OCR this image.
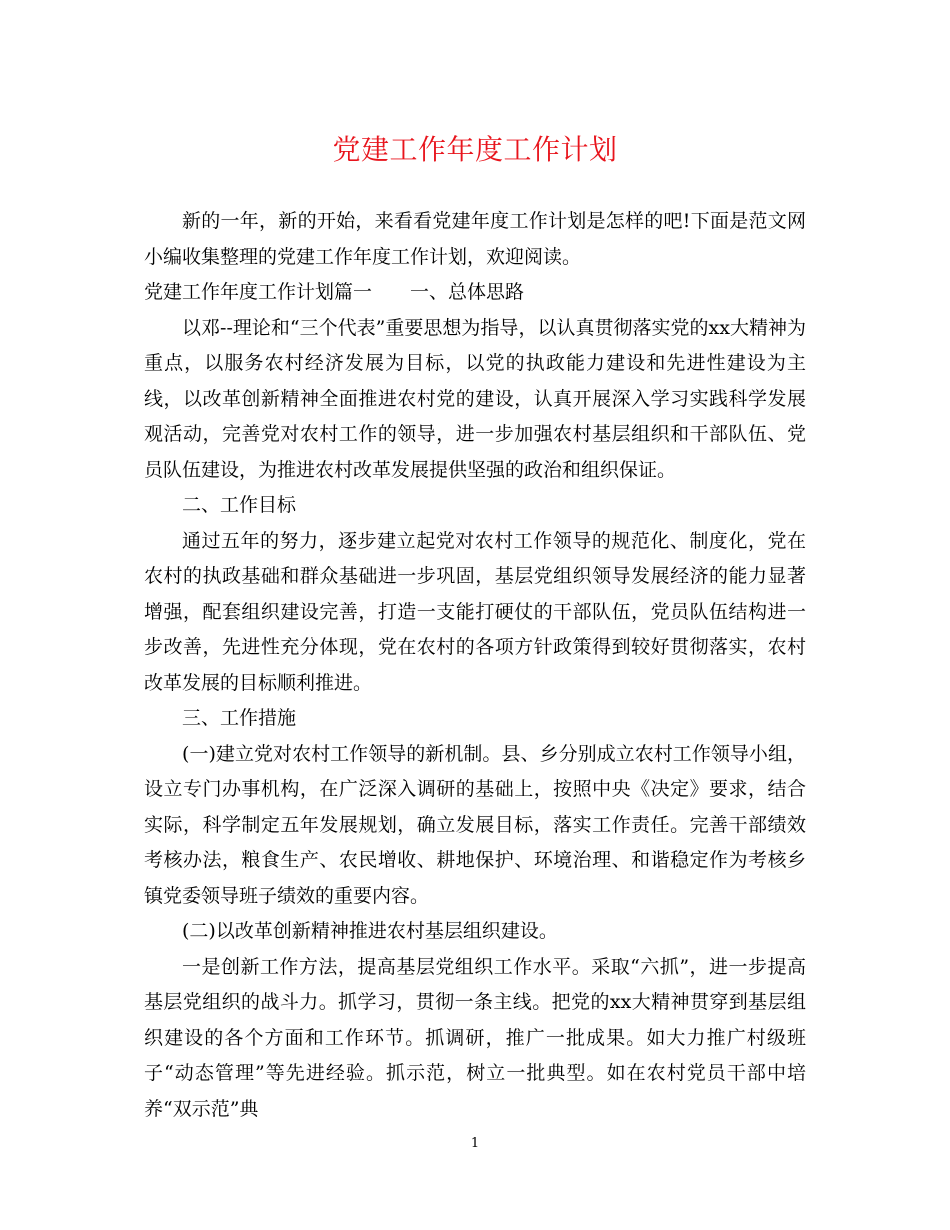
党建工作年度工作计划

新的一年，新的开始，来看看党建年度工作计划是怎样的吧!下面是范文网小编收集整理的党建工作年度工作计划，欢迎阅读。

党建工作年度工作计划篇一 一、总体思路

以邓--理论和“三个代表”重要思想为指导，以认真贯彻落实党的xx大精神为重点，以服务农村经济发展为目标，以党的执政能力建设和先进性建设为主线，以改革创新精神全面推进农村党的建设，认真开展深入学习实践科学发展观活动，完善党对农村工作的领导，进一步加强农村基层组织和干部队伍、党员队伍建设，为推进农村改革发展提供坚强的政治和组织保证。

二、工作目标

通过五年的努力，逐步建立起党对农村工作领导的规范化、制度化，党在农村的执政基础和群众基础进一步巩固，基层党组织领导发展经济的能力显著增强，配套组织建设完善，打造一支能打硬仗的干部队伍，党员队伍结构进一步改善，先进性充分体现，党在农村的各项方针政策得到较好贯彻落实，农村改革发展的目标顺利推进。

三、工作措施

(一)建立党对农村工作领导的新机制。县、乡分别成立农村工作领导小组，设立专门办事机构，在广泛深入调研的基础上，按照中央《决定》要求，结合实际，科学制定五年发展规划，确立发展目标，落实工作责任。完善干部绩效考核办法，粮食生产、农民增收、耕地保护、环境治理、和谐稳定作为考核乡镇党委领导班子绩效的重要内容。

(二)以改革创新精神推进农村基层组织建设。

一是创新工作方法，提高基层党组织工作水平。采取“六抓”，进一步提高基层党组织的战斗力。抓学习，贯彻一条主线。把党的xx大精神贯穿到基层组织建设的各个方面和工作环节。抓调研，推广一批成果。如大力推广村级班子“动态管理”等先进经验。抓示范，树立一批典型。如在农村党员干部中培养“双示范”典

1
